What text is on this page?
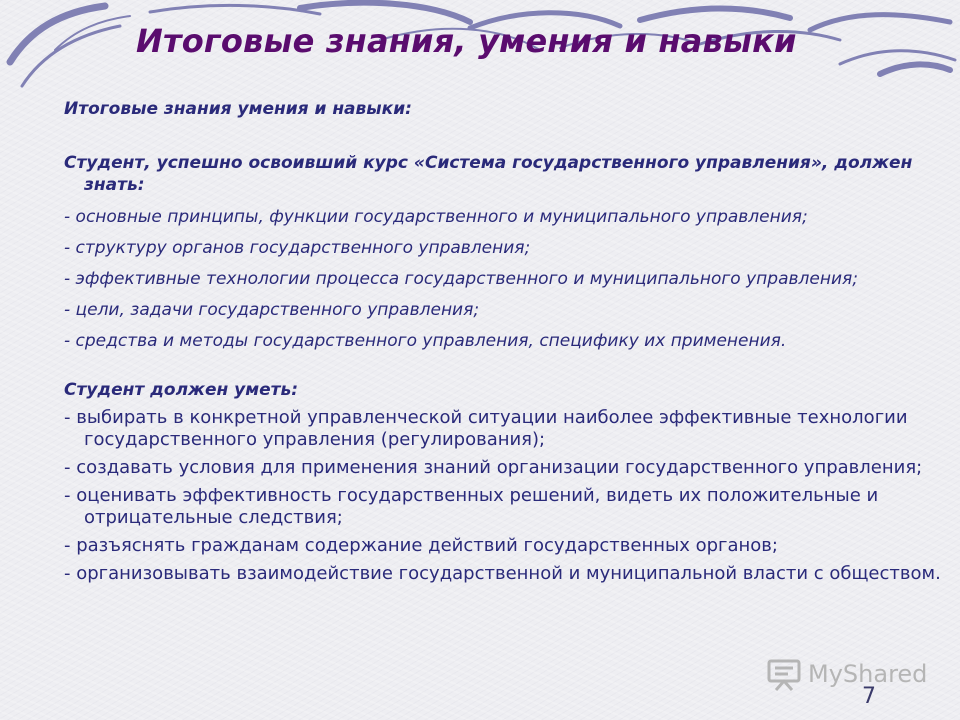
Итоговые знания, умения и навыки

Итоговые знания умения и навыки:

Студент, успешно освоивший курс «Система государственного управления», должен знать:

- основные принципы, функции государственного и муниципального управления;

- структуру органов государственного управления;

- эффективные технологии процесса государственного и муниципального управления;

- цели, задачи государственного управления;

- средства и методы государственного управления, специфику их применения.

Студент должен уметь:

- выбирать в конкретной управленческой ситуации наиболее эффективные технологии государственного управления (регулирования);

- создавать условия для применения знаний организации государственного управления;

- оценивать эффективность государственных решений, видеть их положительные и отрицательные следствия;

- разъяснять гражданам содержание действий государственных органов;

- организовывать взаимодействие государственной и муниципальной власти с обществом.

MyShared
7
